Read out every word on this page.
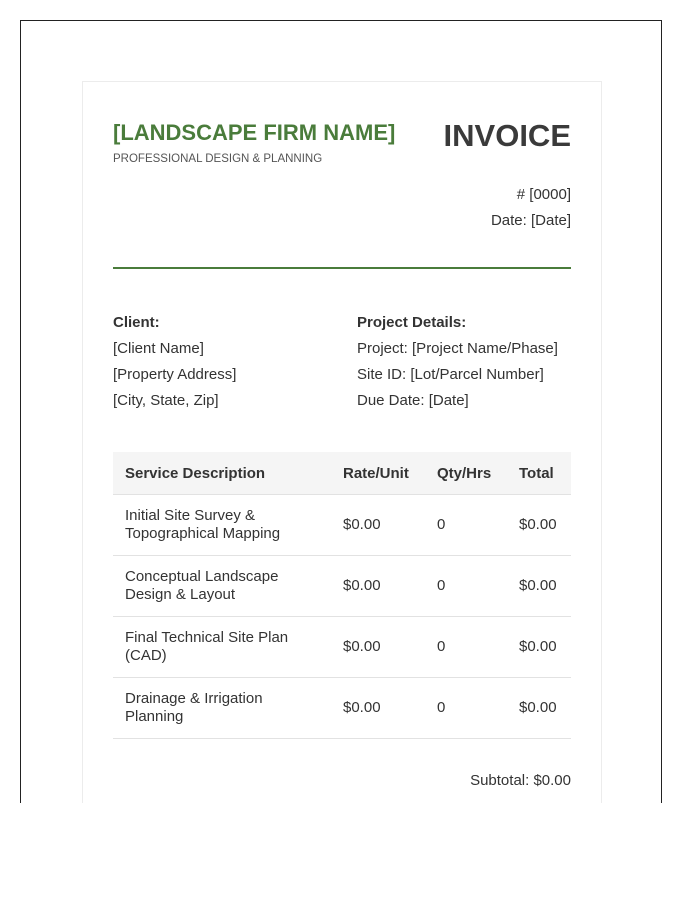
[LANDSCAPE FIRM NAME]
PROFESSIONAL DESIGN & PLANNING
INVOICE
# [0000]
Date: [Date]
Client:
[Client Name]
[Property Address]
[City, State, Zip]
Project Details:
Project: [Project Name/Phase]
Site ID: [Lot/Parcel Number]
Due Date: [Date]
Service Description	Rate/Unit	Qty/Hrs	Total
Initial Site Survey & Topographical Mapping	$0.00	0	$0.00
Conceptual Landscape Design & Layout	$0.00	0	$0.00
Final Technical Site Plan (CAD)	$0.00	0	$0.00
Drainage & Irrigation Planning	$0.00	0	$0.00
Subtotal: $0.00
